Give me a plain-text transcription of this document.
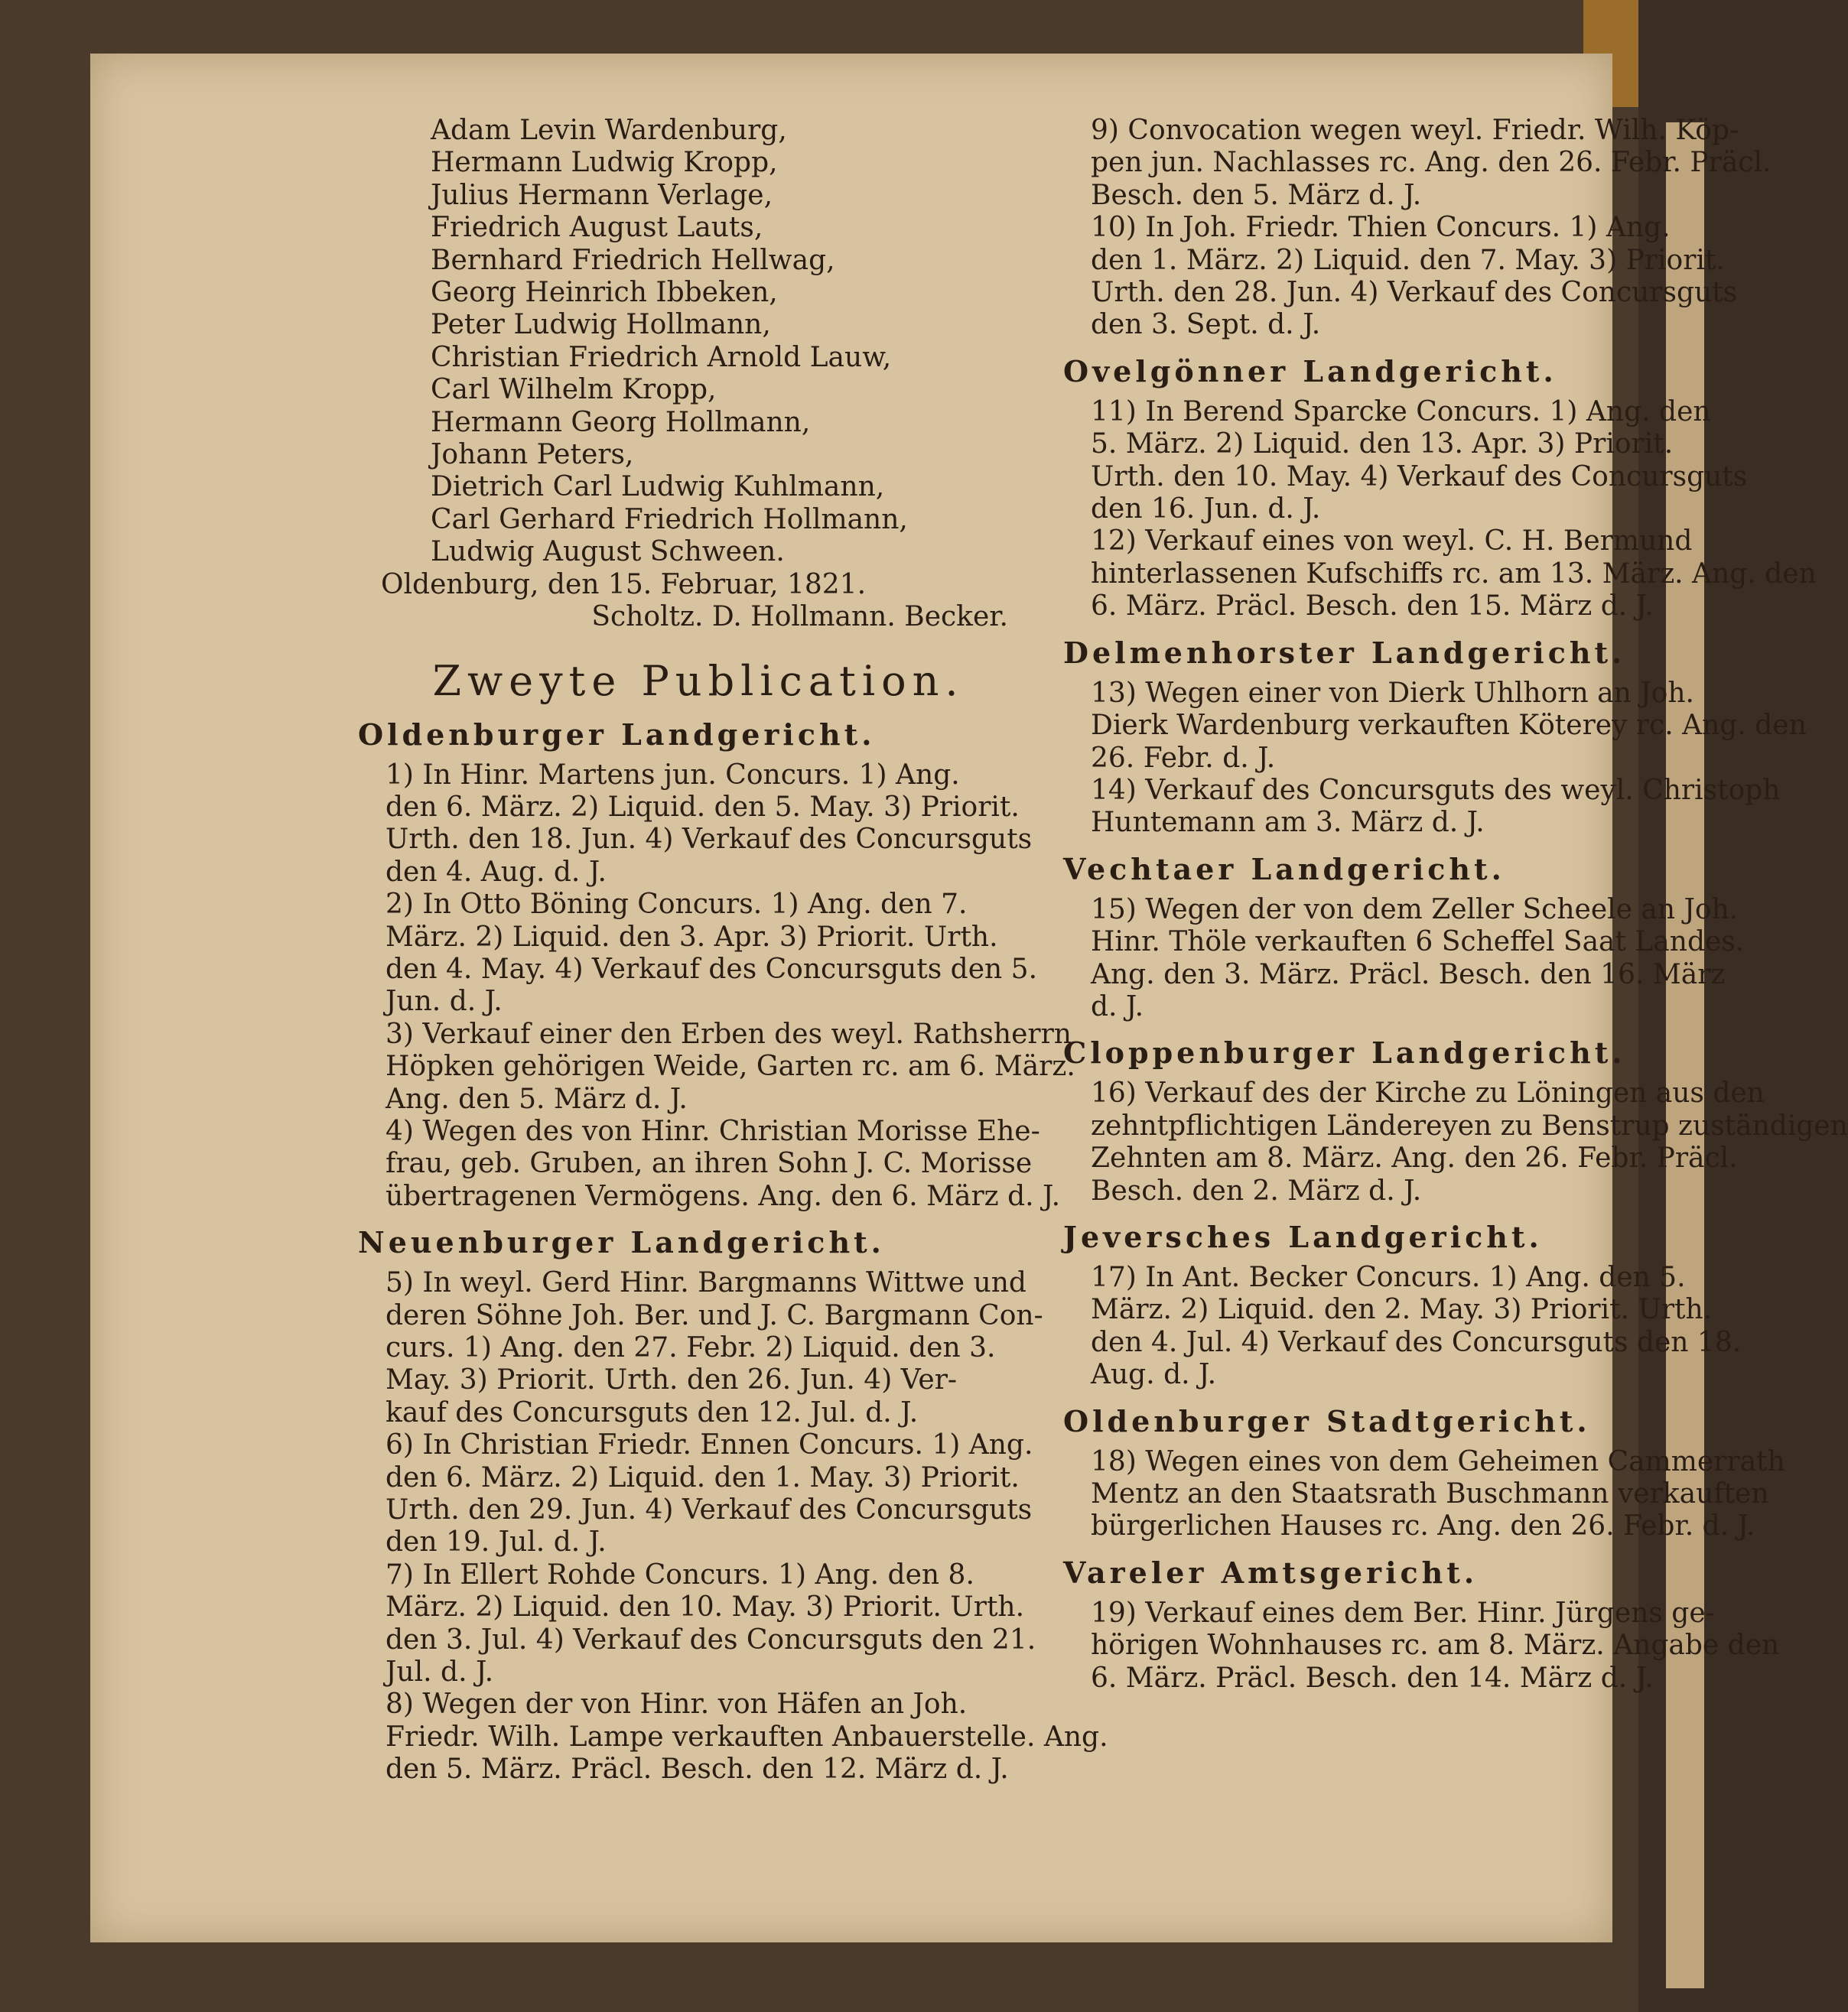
Adam Levin Wardenburg,
Hermann Ludwig Kropp,
Julius Hermann Verlage,
Friedrich August Lauts,
Bernhard Friedrich Hellwag,
Georg Heinrich Ibbeken,
Peter Ludwig Hollmann,
Christian Friedrich Arnold Lauw,
Carl Wilhelm Kropp,
Hermann Georg Hollmann,
Johann Peters,
Dietrich Carl Ludwig Kuhlmann,
Carl Gerhard Friedrich Hollmann,
Ludwig August Schween.
Oldenburg, den 15. Februar, 1821.
Scholtz. D. Hollmann. Becker.
Zweyte Publication.
Oldenburger Landgericht.
1) In Hinr. Martens jun. Concurs. 1) Ang.
den 6. März. 2) Liquid. den 5. May. 3) Priorit.
Urth. den 18. Jun. 4) Verkauf des Concursguts
den 4. Aug. d. J.
2) In Otto Böning Concurs. 1) Ang. den 7.
März. 2) Liquid. den 3. Apr. 3) Priorit. Urth.
den 4. May. 4) Verkauf des Concursguts den 5.
Jun. d. J.
3) Verkauf einer den Erben des weyl. Rathsherrn
Höpken gehörigen Weide, Garten rc. am 6. März.
Ang. den 5. März d. J.
4) Wegen des von Hinr. Christian Morisse Ehe-
frau, geb. Gruben, an ihren Sohn J. C. Morisse
übertragenen Vermögens. Ang. den 6. März d. J.
Neuenburger Landgericht.
5) In weyl. Gerd Hinr. Bargmanns Wittwe und
deren Söhne Joh. Ber. und J. C. Bargmann Con-
curs. 1) Ang. den 27. Febr. 2) Liquid. den 3.
May. 3) Priorit. Urth. den 26. Jun. 4) Ver-
kauf des Concursguts den 12. Jul. d. J.
6) In Christian Friedr. Ennen Concurs. 1) Ang.
den 6. März. 2) Liquid. den 1. May. 3) Priorit.
Urth. den 29. Jun. 4) Verkauf des Concursguts
den 19. Jul. d. J.
7) In Ellert Rohde Concurs. 1) Ang. den 8.
März. 2) Liquid. den 10. May. 3) Priorit. Urth.
den 3. Jul. 4) Verkauf des Concursguts den 21.
Jul. d. J.
8) Wegen der von Hinr. von Häfen an Joh.
Friedr. Wilh. Lampe verkauften Anbauerstelle. Ang.
den 5. März. Präcl. Besch. den 12. März d. J.
9) Convocation wegen weyl. Friedr. Wilh. Köp-
pen jun. Nachlasses rc. Ang. den 26. Febr. Präcl.
Besch. den 5. März d. J.
10) In Joh. Friedr. Thien Concurs. 1) Ang.
den 1. März. 2) Liquid. den 7. May. 3) Priorit.
Urth. den 28. Jun. 4) Verkauf des Concursguts
den 3. Sept. d. J.
Ovelgönner Landgericht.
11) In Berend Sparcke Concurs. 1) Ang. den
5. März. 2) Liquid. den 13. Apr. 3) Priorit.
Urth. den 10. May. 4) Verkauf des Concursguts
den 16. Jun. d. J.
12) Verkauf eines von weyl. C. H. Bermund
hinterlassenen Kufschiffs rc. am 13. März. Ang. den
6. März. Präcl. Besch. den 15. März d. J.
Delmenhorster Landgericht.
13) Wegen einer von Dierk Uhlhorn an Joh.
Dierk Wardenburg verkauften Köterey rc. Ang. den
26. Febr. d. J.
14) Verkauf des Concursguts des weyl. Christoph
Huntemann am 3. März d. J.
Vechtaer Landgericht.
15) Wegen der von dem Zeller Scheele an Joh.
Hinr. Thöle verkauften 6 Scheffel Saat Landes.
Ang. den 3. März. Präcl. Besch. den 16. März
d. J.
Cloppenburger Landgericht.
16) Verkauf des der Kirche zu Löningen aus den
zehntpflichtigen Ländereyen zu Benstrup zuständigen
Zehnten am 8. März. Ang. den 26. Febr. Präcl.
Besch. den 2. März d. J.
Jeversches Landgericht.
17) In Ant. Becker Concurs. 1) Ang. den 5.
März. 2) Liquid. den 2. May. 3) Priorit. Urth.
den 4. Jul. 4) Verkauf des Concursguts den 18.
Aug. d. J.
Oldenburger Stadtgericht.
18) Wegen eines von dem Geheimen Cammerrath
Mentz an den Staatsrath Buschmann verkauften
bürgerlichen Hauses rc. Ang. den 26. Febr. d. J.
Vareler Amtsgericht.
19) Verkauf eines dem Ber. Hinr. Jürgens ge-
hörigen Wohnhauses rc. am 8. März. Angabe den
6. März. Präcl. Besch. den 14. März d. J.
